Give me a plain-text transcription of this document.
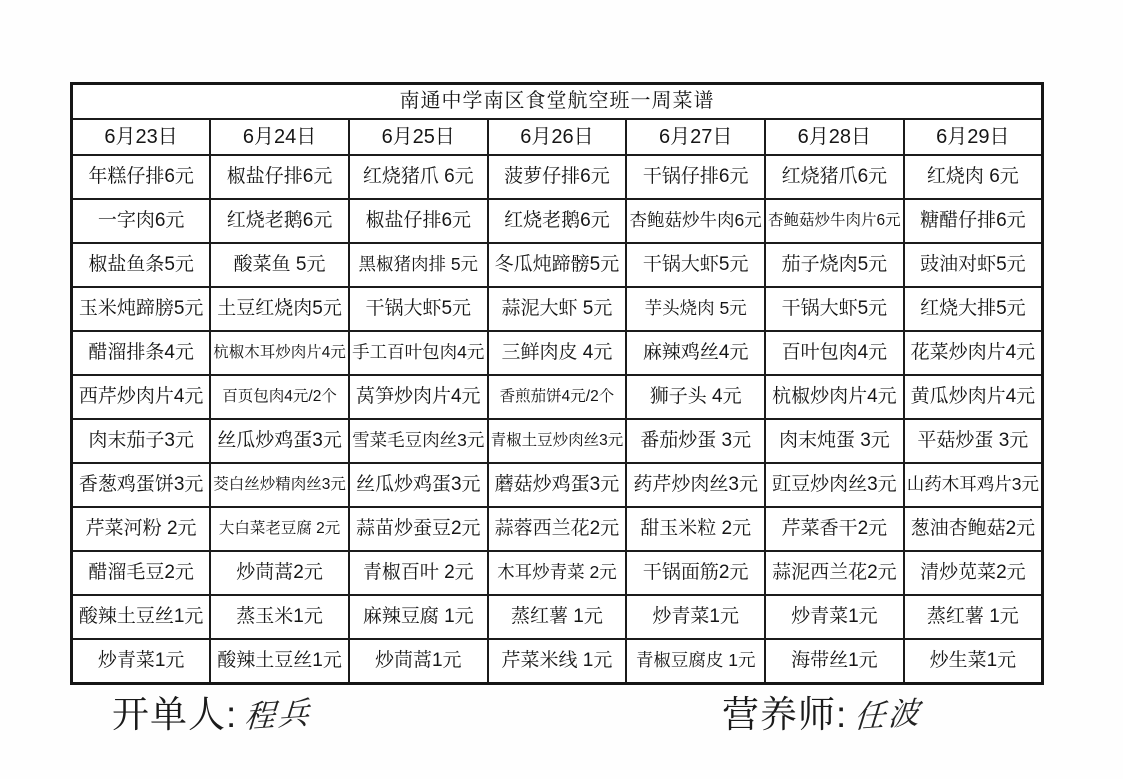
南通中学南区食堂航空班一周菜谱						
6月23日	6月24日	6月25日	6月26日	6月27日	6月28日	6月29日
年糕仔排6元	椒盐仔排6元	红烧猪爪 6元	菠萝仔排6元	干锅仔排6元	红烧猪爪6元	红烧肉 6元
一字肉6元	红烧老鹅6元	椒盐仔排6元	红烧老鹅6元	杏鲍菇炒牛肉6元	杏鲍菇炒牛肉片6元	糖醋仔排6元
椒盐鱼条5元	酸菜鱼 5元	黑椒猪肉排 5元	冬瓜炖蹄髈5元	干锅大虾5元	茄子烧肉5元	豉油对虾5元
玉米炖蹄膀5元	土豆红烧肉5元	干锅大虾5元	蒜泥大虾 5元	芋头烧肉 5元	干锅大虾5元	红烧大排5元
醋溜排条4元	杭椒木耳炒肉片4元	手工百叶包肉4元	三鲜肉皮 4元	麻辣鸡丝4元	百叶包肉4元	花菜炒肉片4元
西芹炒肉片4元	百页包肉4元/2个	莴笋炒肉片4元	香煎茄饼4元/2个	狮子头 4元	杭椒炒肉片4元	黄瓜炒肉片4元
肉末茄子3元	丝瓜炒鸡蛋3元	雪菜毛豆肉丝3元	青椒土豆炒肉丝3元	番茄炒蛋 3元	肉末炖蛋 3元	平菇炒蛋 3元
香葱鸡蛋饼3元	茭白丝炒精肉丝3元	丝瓜炒鸡蛋3元	蘑菇炒鸡蛋3元	药芹炒肉丝3元	豇豆炒肉丝3元	山药木耳鸡片3元
芹菜河粉 2元	大白菜老豆腐 2元	蒜苗炒蚕豆2元	蒜蓉西兰花2元	甜玉米粒 2元	芹菜香干2元	葱油杏鲍菇2元
醋溜毛豆2元	炒茼蒿2元	青椒百叶 2元	木耳炒青菜 2元	干锅面筋2元	蒜泥西兰花2元	清炒苋菜2元
酸辣土豆丝1元	蒸玉米1元	麻辣豆腐 1元	蒸红薯 1元	炒青菜1元	炒青菜1元	蒸红薯 1元
炒青菜1元	酸辣土豆丝1元	炒茼蒿1元	芹菜米线 1元	青椒豆腐皮 1元	海带丝1元	炒生菜1元
开单人: 程兵	营养师: 任波
